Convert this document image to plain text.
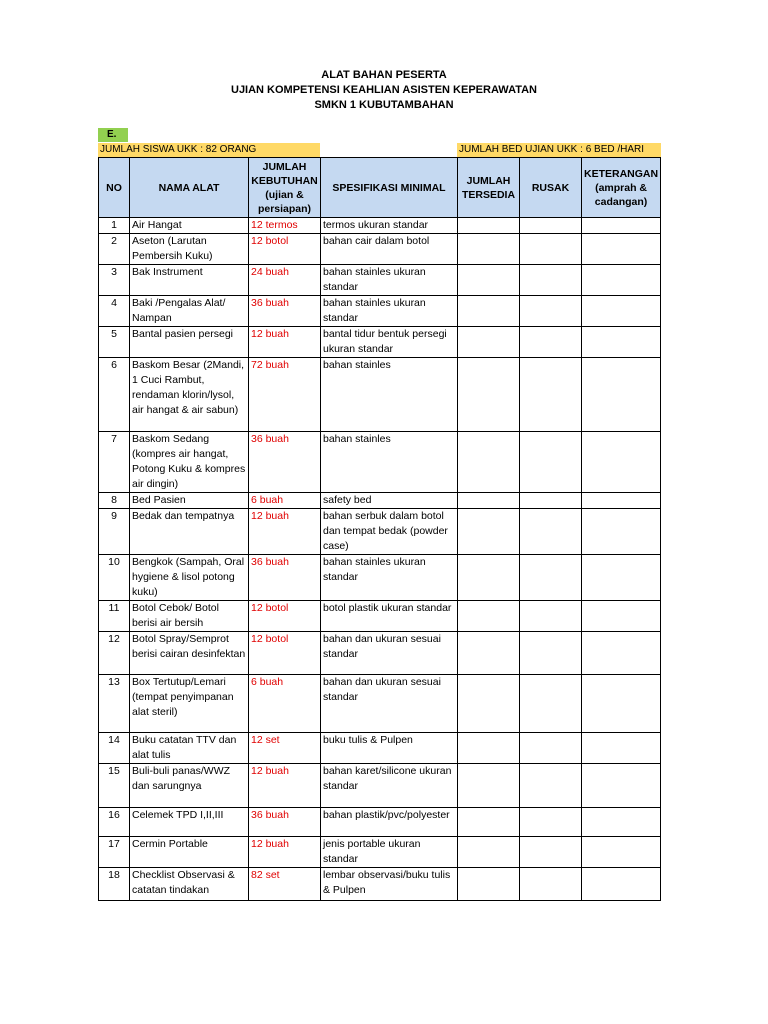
ALAT BAHAN PESERTA
UJIAN KOMPETENSI KEAHLIAN ASISTEN KEPERAWATAN
SMKN 1 KUBUTAMBAHAN
E.
JUMLAH SISWA UKK : 82 ORANG	JUMLAH BED UJIAN UKK : 6 BED /HARI
NO	NAMA ALAT	JUMLAH KEBUTUHAN (ujian & persiapan)	SPESIFIKASI MINIMAL	JUMLAH TERSEDIA	RUSAK	KETERANGAN (amprah & cadangan)
1	Air Hangat	12 termos	termos ukuran standar			
2	Aseton (Larutan Pembersih Kuku)	12 botol	bahan cair dalam botol			
3	Bak Instrument	24 buah	bahan stainles ukuran standar			
4	Baki /Pengalas Alat/ Nampan	36 buah	bahan stainles ukuran standar			
5	Bantal pasien persegi	12 buah	bantal tidur bentuk persegi ukuran standar			
6	Baskom Besar (2Mandi, 1 Cuci Rambut, rendaman klorin/lysol, air hangat & air sabun)	72 buah	bahan stainles			
7	Baskom Sedang (kompres air hangat, Potong Kuku & kompres air dingin)	36 buah	bahan stainles			
8	Bed Pasien	6 buah	safety bed			
9	Bedak dan tempatnya	12 buah	bahan serbuk dalam botol dan tempat bedak (powder case)			
10	Bengkok (Sampah, Oral hygiene & lisol potong kuku)	36 buah	bahan stainles ukuran standar			
11	Botol Cebok/ Botol berisi air bersih	12 botol	botol plastik ukuran standar			
12	Botol Spray/Semprot berisi cairan desinfektan	12 botol	bahan dan ukuran sesuai standar			
13	Box Tertutup/Lemari (tempat penyimpanan alat steril)	6 buah	bahan dan ukuran sesuai standar			
14	Buku catatan TTV dan alat tulis	12 set	buku tulis & Pulpen			
15	Buli-buli panas/WWZ dan sarungnya	12 buah	bahan karet/silicone ukuran standar			
16	Celemek TPD I,II,III	36 buah	bahan plastik/pvc/polyester			
17	Cermin Portable	12 buah	jenis portable ukuran standar			
18	Checklist Observasi & catatan tindakan	82 set	lembar observasi/buku tulis & Pulpen			
